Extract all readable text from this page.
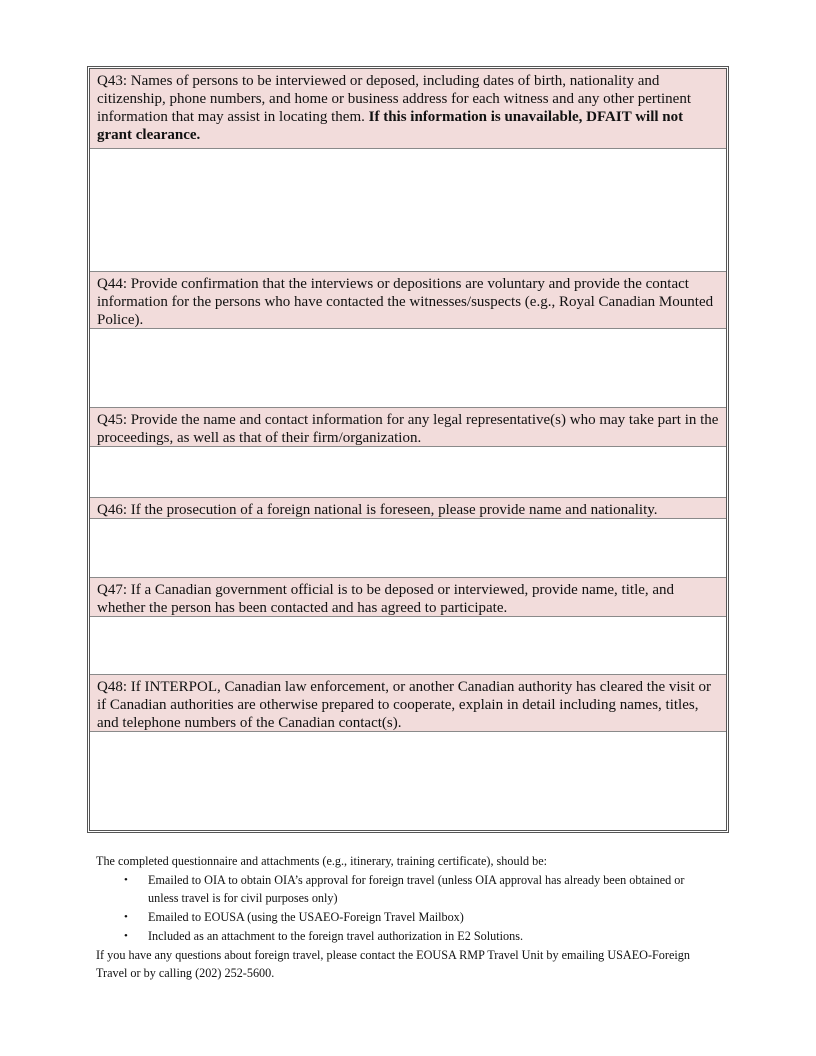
Q43: Names of persons to be interviewed or deposed, including dates of birth, nationality and citizenship, phone numbers, and home or business address for each witness and any other pertinent information that may assist in locating them. If this information is unavailable, DFAIT will not grant clearance.
Q44: Provide confirmation that the interviews or depositions are voluntary and provide the contact information for the persons who have contacted the witnesses/suspects (e.g., Royal Canadian Mounted Police).
Q45: Provide the name and contact information for any legal representative(s) who may take part in the proceedings, as well as that of their firm/organization.
Q46: If the prosecution of a foreign national is foreseen, please provide name and nationality.
Q47: If a Canadian government official is to be deposed or interviewed, provide name, title, and whether the person has been contacted and has agreed to participate.
Q48: If INTERPOL, Canadian law enforcement, or another Canadian authority has cleared the visit or if Canadian authorities are otherwise prepared to cooperate, explain in detail including names, titles, and telephone numbers of the Canadian contact(s).

The completed questionnaire and attachments (e.g., itinerary, training certificate), should be:

• Emailed to OIA to obtain OIA’s approval for foreign travel (unless OIA approval has already been obtained or unless travel is for civil purposes only)
• Emailed to EOUSA (using the USAEO-Foreign Travel Mailbox)
• Included as an attachment to the foreign travel authorization in E2 Solutions.

If you have any questions about foreign travel, please contact the EOUSA RMP Travel Unit by emailing USAEO-Foreign Travel or by calling (202) 252-5600.
